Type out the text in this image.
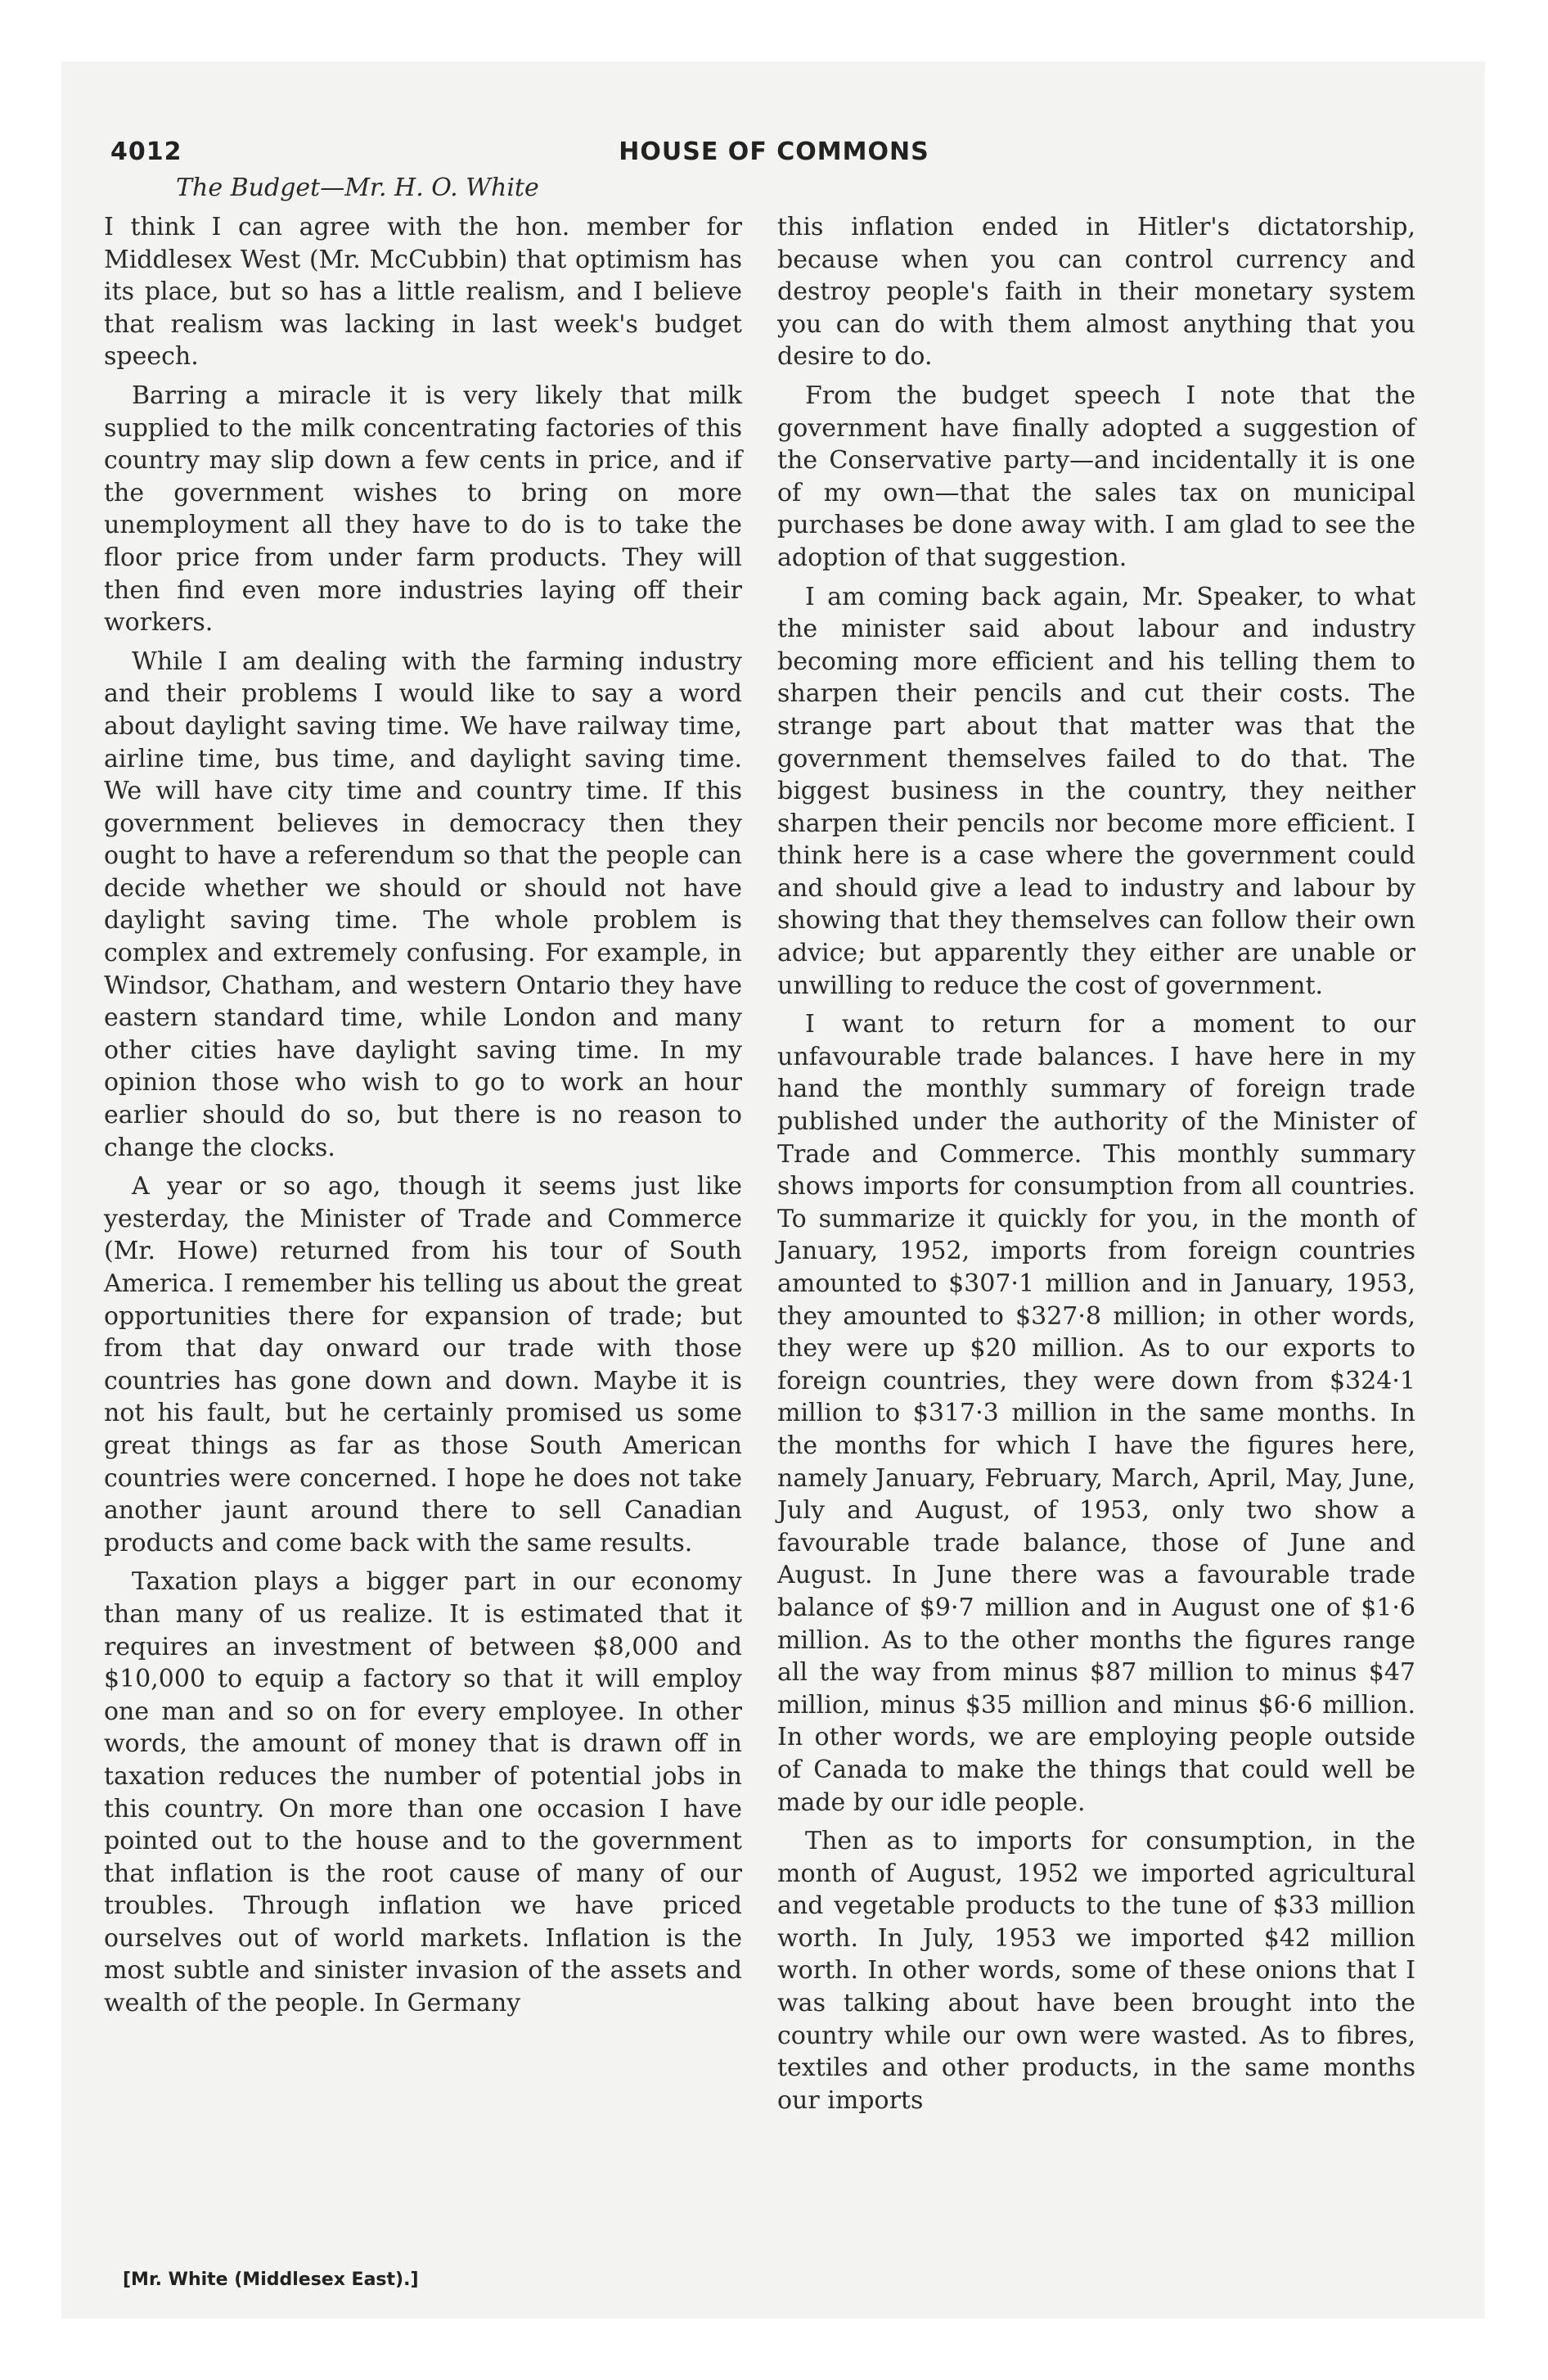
4012	HOUSE OF COMMONS
The Budget—Mr. H. O. White

I think I can agree with the hon. member for Middlesex West (Mr. McCubbin) that optimism has its place, but so has a little realism, and I believe that realism was lacking in last week's budget speech.

Barring a miracle it is very likely that milk supplied to the milk concentrating factories of this country may slip down a few cents in price, and if the government wishes to bring on more unemployment all they have to do is to take the floor price from under farm products. They will then find even more industries laying off their workers.

While I am dealing with the farming industry and their problems I would like to say a word about daylight saving time. We have railway time, airline time, bus time, and daylight saving time. We will have city time and country time. If this government believes in democracy then they ought to have a referendum so that the people can decide whether we should or should not have daylight saving time. The whole problem is complex and extremely confusing. For example, in Windsor, Chatham, and western Ontario they have eastern standard time, while London and many other cities have daylight saving time. In my opinion those who wish to go to work an hour earlier should do so, but there is no reason to change the clocks.

A year or so ago, though it seems just like yesterday, the Minister of Trade and Commerce (Mr. Howe) returned from his tour of South America. I remember his telling us about the great opportunities there for expansion of trade; but from that day onward our trade with those countries has gone down and down. Maybe it is not his fault, but he certainly promised us some great things as far as those South American countries were concerned. I hope he does not take another jaunt around there to sell Canadian products and come back with the same results.

Taxation plays a bigger part in our economy than many of us realize. It is estimated that it requires an investment of between $8,000 and $10,000 to equip a factory so that it will employ one man and so on for every employee. In other words, the amount of money that is drawn off in taxation reduces the number of potential jobs in this country. On more than one occasion I have pointed out to the house and to the government that inflation is the root cause of many of our troubles. Through inflation we have priced ourselves out of world markets. Inflation is the most subtle and sinister invasion of the assets and wealth of the people. In Germany

this inflation ended in Hitler's dictatorship, because when you can control currency and destroy people's faith in their monetary system you can do with them almost anything that you desire to do.

From the budget speech I note that the government have finally adopted a suggestion of the Conservative party—and incidentally it is one of my own—that the sales tax on municipal purchases be done away with. I am glad to see the adoption of that suggestion.

I am coming back again, Mr. Speaker, to what the minister said about labour and industry becoming more efficient and his telling them to sharpen their pencils and cut their costs. The strange part about that matter was that the government themselves failed to do that. The biggest business in the country, they neither sharpen their pencils nor become more efficient. I think here is a case where the government could and should give a lead to industry and labour by showing that they themselves can follow their own advice; but apparently they either are unable or unwilling to reduce the cost of government.

I want to return for a moment to our unfavourable trade balances. I have here in my hand the monthly summary of foreign trade published under the authority of the Minister of Trade and Commerce. This monthly summary shows imports for consumption from all countries. To summarize it quickly for you, in the month of January, 1952, imports from foreign countries amounted to $307·1 million and in January, 1953, they amounted to $327·8 million; in other words, they were up $20 million. As to our exports to foreign countries, they were down from $324·1 million to $317·3 million in the same months. In the months for which I have the figures here, namely January, February, March, April, May, June, July and August, of 1953, only two show a favourable trade balance, those of June and August. In June there was a favourable trade balance of $9·7 million and in August one of $1·6 million. As to the other months the figures range all the way from minus $87 million to minus $47 million, minus $35 million and minus $6·6 million. In other words, we are employing people outside of Canada to make the things that could well be made by our idle people.

Then as to imports for consumption, in the month of August, 1952 we imported agricultural and vegetable products to the tune of $33 million worth. In July, 1953 we imported $42 million worth. In other words, some of these onions that I was talking about have been brought into the country while our own were wasted. As to fibres, textiles and other products, in the same months our imports

[Mr. White (Middlesex East).]
